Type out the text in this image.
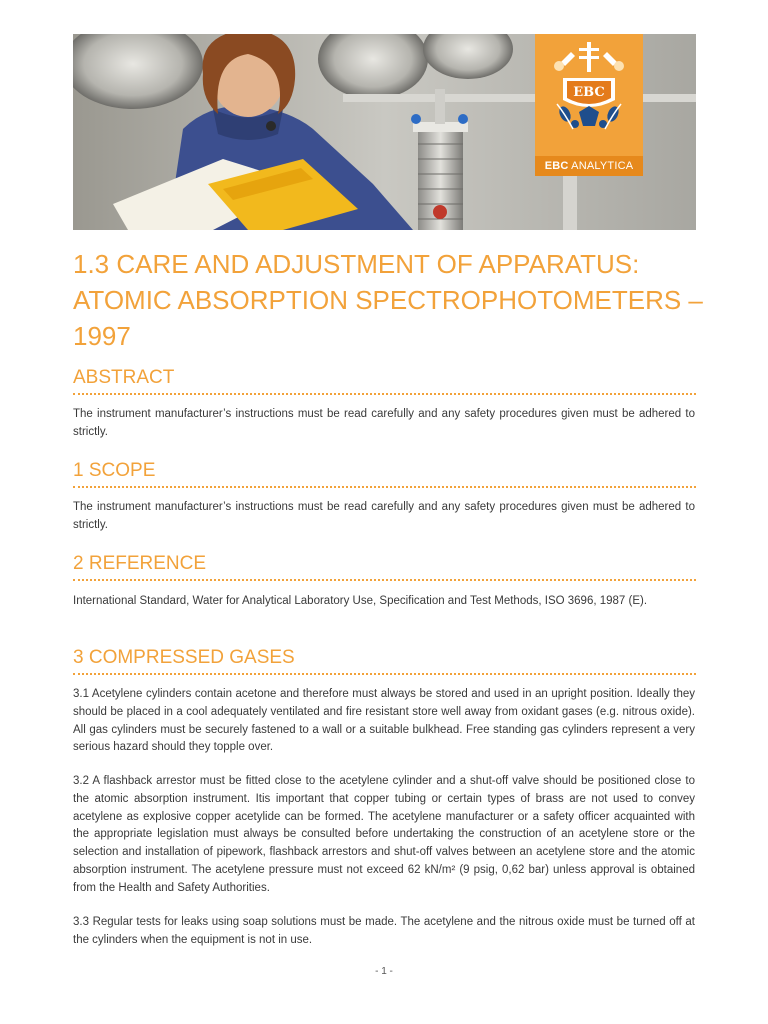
EBC
EBC ANALYTICA
1.3 CARE AND ADJUSTMENT OF APPARATUS: ATOMIC ABSORPTION SPECTROPHOTOMETERS – 1997
ABSTRACT

The instrument manufacturer’s instructions must be read carefully and any safety procedures given must be adhered to strictly.

1 SCOPE

The instrument manufacturer’s instructions must be read carefully and any safety procedures given must be adhered to strictly.

2 REFERENCE

International Standard, Water for Analytical Laboratory Use, Specification and Test Methods, ISO 3696, 1987 (E).

3 COMPRESSED GASES

3.1 Acetylene cylinders contain acetone and therefore must always be stored and used in an upright position. Ideally they should be placed in a cool adequately ventilated and fire resistant store well away from oxidant gases (e.g. nitrous oxide). All gas cylinders must be securely fastened to a wall or a suitable bulkhead. Free standing gas cylinders represent a very serious hazard should they topple over.

3.2 A flashback arrestor must be fitted close to the acetylene cylinder and a shut-off valve should be positioned close to the atomic absorption instrument. Itis important that copper tubing or certain types of brass are not used to convey acetylene as explosive copper acetylide can be formed. The acetylene manufacturer or a safety officer acquainted with the appropriate legislation must always be consulted before undertaking the construction of an acetylene store or the selection and installation of pipework, flashback arrestors and shut-off valves between an acetylene store and the atomic absorption instrument. The acetylene pressure must not exceed 62 kN/m² (9 psig, 0,62 bar) unless approval is obtained from the Health and Safety Authorities.

3.3 Regular tests for leaks using soap solutions must be made. The acetylene and the nitrous oxide must be turned off at the cylinders when the equipment is not in use.

- 1 -
